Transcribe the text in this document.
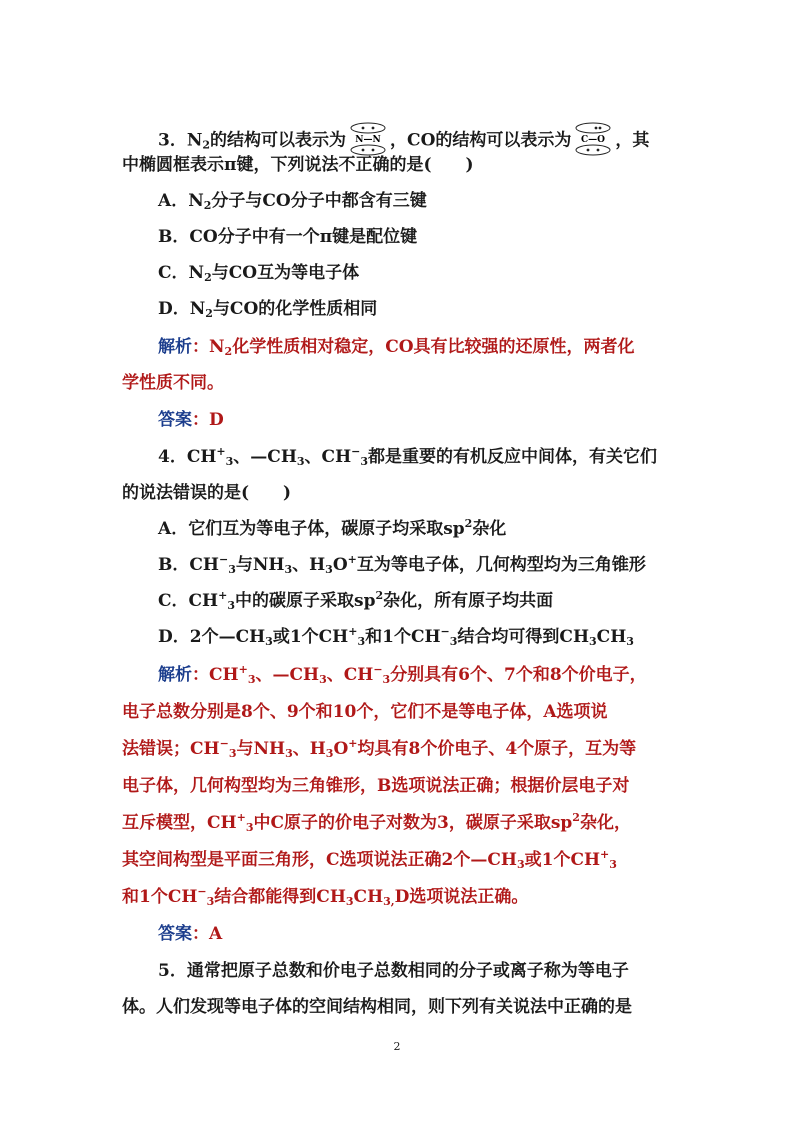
3．$N_2$的结构可以表示为 N—N ，CO的结构可以表示为 C—O ，其
中椭圆框表示π键，下列说法不正确的是(　　)
A．$N_2$分子与CO分子中都含有三键
B．CO分子中有一个π键是配位键
C．$N_2$与CO互为等电子体
D．$N_2$与CO的化学性质相同
解析：$N_2$化学性质相对稳定，CO具有比较强的还原性，两者化
学性质不同。
答案：D
4．$CH^+_3$、$—CH_3$、$CH^-_3$都是重要的有机反应中间体，有关它们
的说法错误的是(　　)
A．它们互为等电子体，碳原子均采取$sp^2$杂化
B．$CH^-_3$与$NH_3$、$H_3O^+$互为等电子体，几何构型均为三角锥形
C．$CH^+_3$中的碳原子采取$sp^2$杂化，所有原子均共面
D．2个$—CH_3$或1个$CH^+_3$和1个$CH^-_3$结合均可得到$CH_3CH_3$
解析：$CH^+_3$、$—CH_3$、$CH^-_3$分别具有6个、7个和8个价电子，
电子总数分别是8个、9个和10个，它们不是等电子体，A选项说
法错误；$CH^-_3$与$NH_3$、$H_3O^+$均具有8个价电子、4个原子，互为等
电子体，几何构型均为三角锥形，B选项说法正确；根据价层电子对
互斥模型，$CH^+_3$中C原子的价电子对数为3，碳原子采取$sp^2$杂化，
其空间构型是平面三角形，C选项说法正确2个$—CH_3$或1个$CH^+_3$
和1个$CH^-_3$结合都能得到$CH_3CH_{3,}D$选项说法正确。
答案：A
5．通常把原子总数和价电子总数相同的分子或离子称为等电子
体。人们发现等电子体的空间结构相同，则下列有关说法中正确的是
2
